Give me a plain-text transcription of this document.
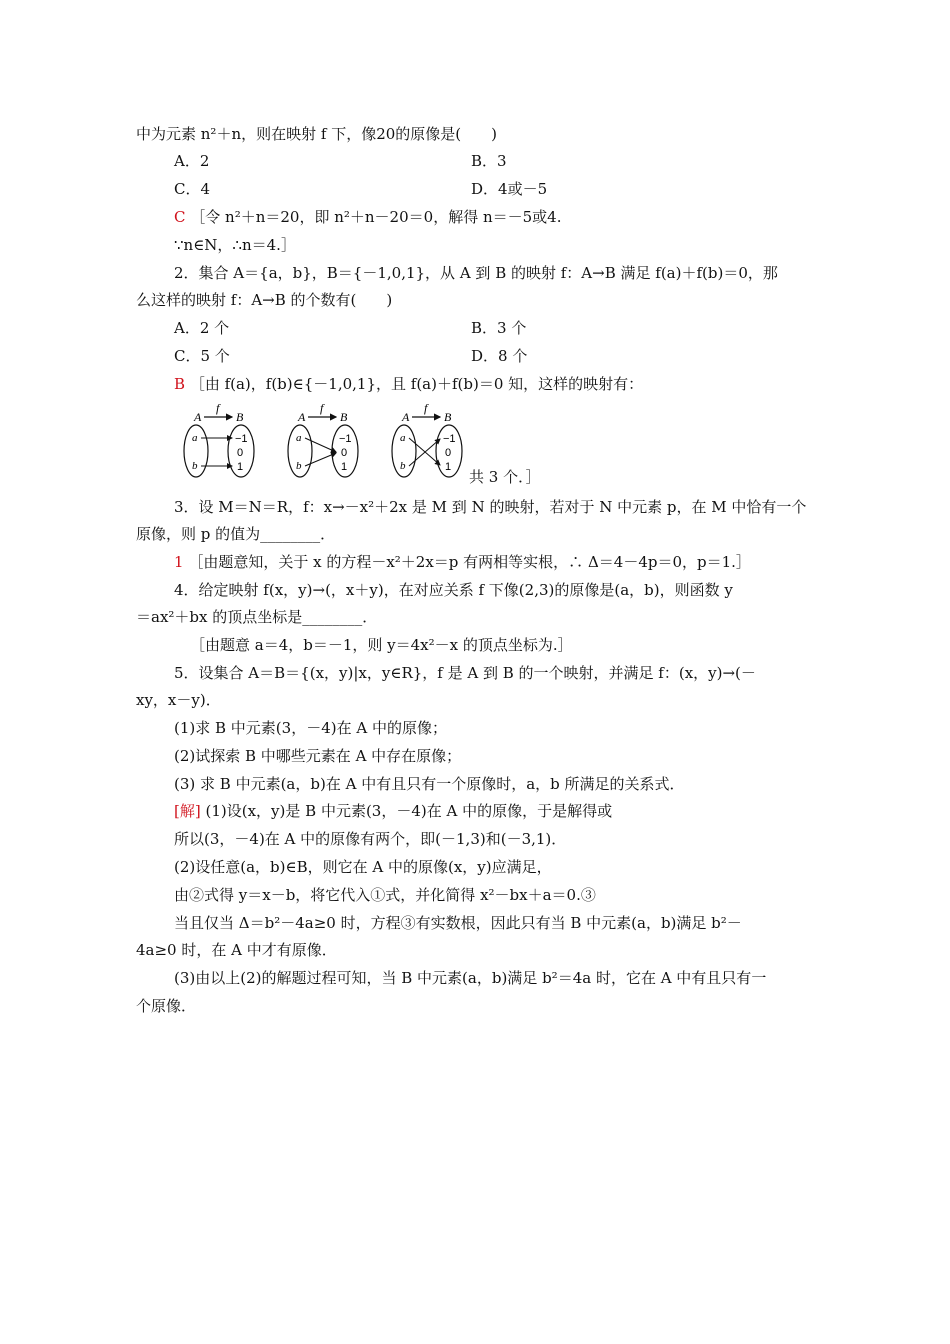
中为元素 n²＋n，则在映射 f 下，像20的原像是(　　)
A．2	B．3
C．4	D．4或－5
C ［令 n²＋n＝20，即 n²＋n－20＝0，解得 n＝－5或4.
∵n∈N，∴n＝4.］
2．集合 A＝{a，b}，B＝{－1,0,1}，从 A 到 B 的映射 f：A→B 满足 f(a)＋f(b)＝0，那
么这样的映射 f：A→B 的个数有(　　)
A．2 个	B．3 个
C．5 个	D．8 个
B ［由 f(a)，f(b)∈{－1,0,1}，且 f(a)＋f(b)＝0 知，这样的映射有：
A
f
B
a
b
−1
0
1
A
f
B
a
b
−1
0
1
A
f
B
a
b
−1
0
1
共 3 个．］
3．设 M＝N＝R，f：x→－x²＋2x 是 M 到 N 的映射，若对于 N 中元素 p，在 M 中恰有一个
原像，则 p 的值为________．
1 ［由题意知，关于 x 的方程－x²＋2x＝p 有两相等实根，∴ Δ＝4－4p＝0，p＝1.］
4．给定映射 f(x，y)→(，x＋y)，在对应关系 f 下像(2,3)的原像是(a，b)，则函数 y
＝ax²＋bx 的顶点坐标是________．
［由题意 a＝4，b＝－1，则 y＝4x²－x 的顶点坐标为.］
5．设集合 A＝B＝{(x，y)|x，y∈R}，f 是 A 到 B 的一个映射，并满足 f：(x，y)→(－
xy，x－y)．
(1)求 B 中元素(3，－4)在 A 中的原像；
(2)试探索 B 中哪些元素在 A 中存在原像；
(3) 求 B 中元素(a，b)在 A 中有且只有一个原像时，a，b 所满足的关系式．
[解] (1)设(x，y)是 B 中元素(3，－4)在 A 中的原像，于是解得或
所以(3，－4)在 A 中的原像有两个，即(－1,3)和(－3,1)．
(2)设任意(a，b)∈B，则它在 A 中的原像(x，y)应满足，
由②式得 y＝x－b，将它代入①式，并化简得 x²－bx＋a＝0.③
当且仅当 Δ＝b²－4a≥0 时，方程③有实数根，因此只有当 B 中元素(a，b)满足 b²－
4a≥0 时，在 A 中才有原像．
(3)由以上(2)的解题过程可知，当 B 中元素(a，b)满足 b²＝4a 时，它在 A 中有且只有一
个原像．
